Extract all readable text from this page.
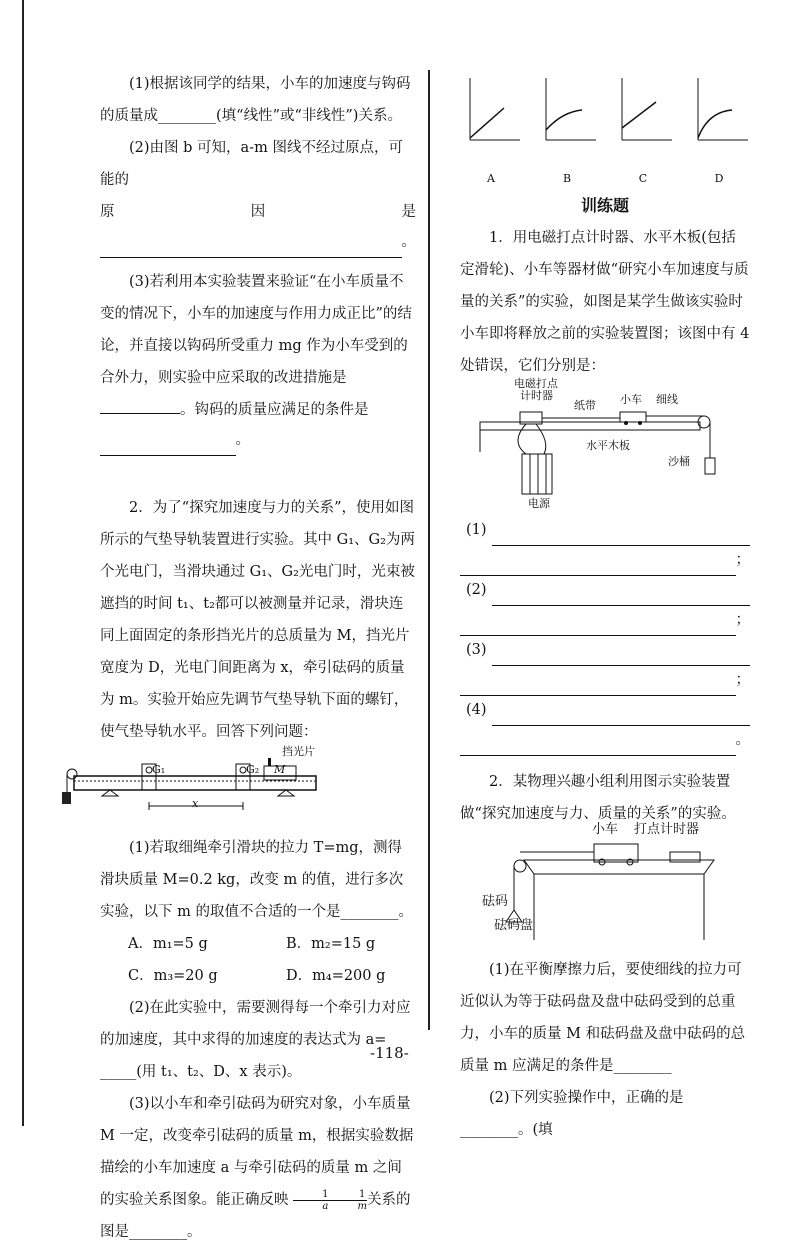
(1)根据该同学的结果，小车的加速度与钩码的质量成________(填“线性”或“非线性”)关系。

(2)由图 b 可知，a-m 图线不经过原点，可能的

原	因	是

。

(3)若利用本实验装置来验证“在小车质量不变的情况下，小车的加速度与作用力成正比”的结论，并直接以钩码所受重力 mg 作为小车受到的合外力，则实验中应采取的改进措施是 。钩码的质量应满足的条件是

。

2．为了“探究加速度与力的关系”，使用如图所示的气垫导轨装置进行实验。其中 G₁、G₂为两个光电门，当滑块通过 G₁、G₂光电门时，光束被遮挡的时间 t₁、t₂都可以被测量并记录，滑块连同上面固定的条形挡光片的总质量为 M，挡光片宽度为 D，光电门间距离为 x，牵引砝码的质量为 m。实验开始应先调节气垫导轨下面的螺钉，使气垫导轨水平。回答下列问题：

挡光片
G₁	G₂ M
x

(1)若取细绳牵引滑块的拉力 T=mg，测得滑块质量 M=0.2 kg，改变 m 的值，进行多次实验，以下 m 的取值不合适的一个是________。

A．m₁=5 g	B．m₂=15 g
C．m₃=20 g	D．m₄=200 g

(2)在此实验中，需要测得每一个牵引力对应的加速度，其中求得的加速度的表达式为 a=

_____(用 t₁、t₂、D、x 表示)。

(3)以小车和牵引砝码为研究对象，小车质量 M 一定，改变牵引砝码的质量 m，根据实验数据描绘的小车加速度 a 与牵引砝码的质量 m 之间的实验关系图象。能正确反映 $\frac{1}{a} \frac{1}{m}$ 关系的图是________。

A	B	C	D
训练题

1．用电磁打点计时器、水平木板(包括定滑轮)、小车等器材做“研究小车加速度与质量的关系”的实验，如图是某学生做该实验时小车即将释放之前的实验装置图；该图中有 4 处错误，它们分别是：

电磁打点
计时器
纸带 小车 细线
水平木板
沙桶
电源
(1)
；
(2)
；
(3)
；
(4)
。

2．某物理兴趣小组利用图示实验装置做“探究加速度与力、质量的关系”的实验。

小车 打点计时器
砝码
砝码盘

(1)在平衡摩擦力后，要使细线的拉力可近似认为等于砝码盘及盘中砝码受到的总重力，小车的质量 M 和砝码盘及盘中砝码的总质量 m 应满足的条件是________

(2)下列实验操作中，正确的是________。(填

-118-
